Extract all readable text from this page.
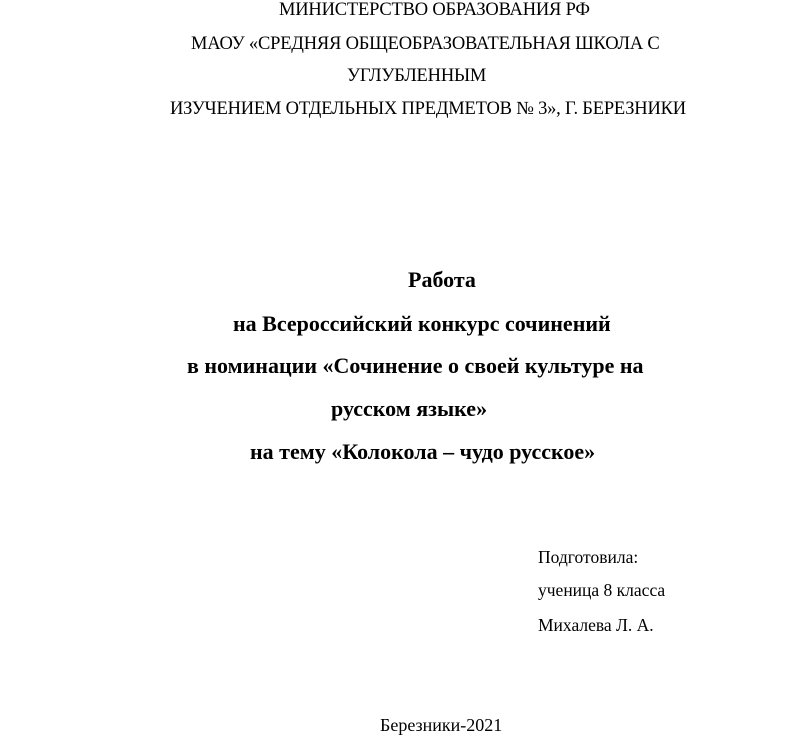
МИНИСТЕРСТВО ОБРАЗОВАНИЯ РФ
МАОУ «СРЕДНЯЯ ОБЩЕОБРАЗОВАТЕЛЬНАЯ ШКОЛА С
УГЛУБЛЕННЫМ
ИЗУЧЕНИЕМ ОТДЕЛЬНЫХ ПРЕДМЕТОВ № 3», Г. БЕРЕЗНИКИ
Работа
на Всероссийский конкурс сочинений
в номинации «Сочинение о своей культуре на
русском языке»
на тему «Колокола – чудо русское»
Подготовила:
ученица 8 класса
Михалева Л. А.
Березники-2021
